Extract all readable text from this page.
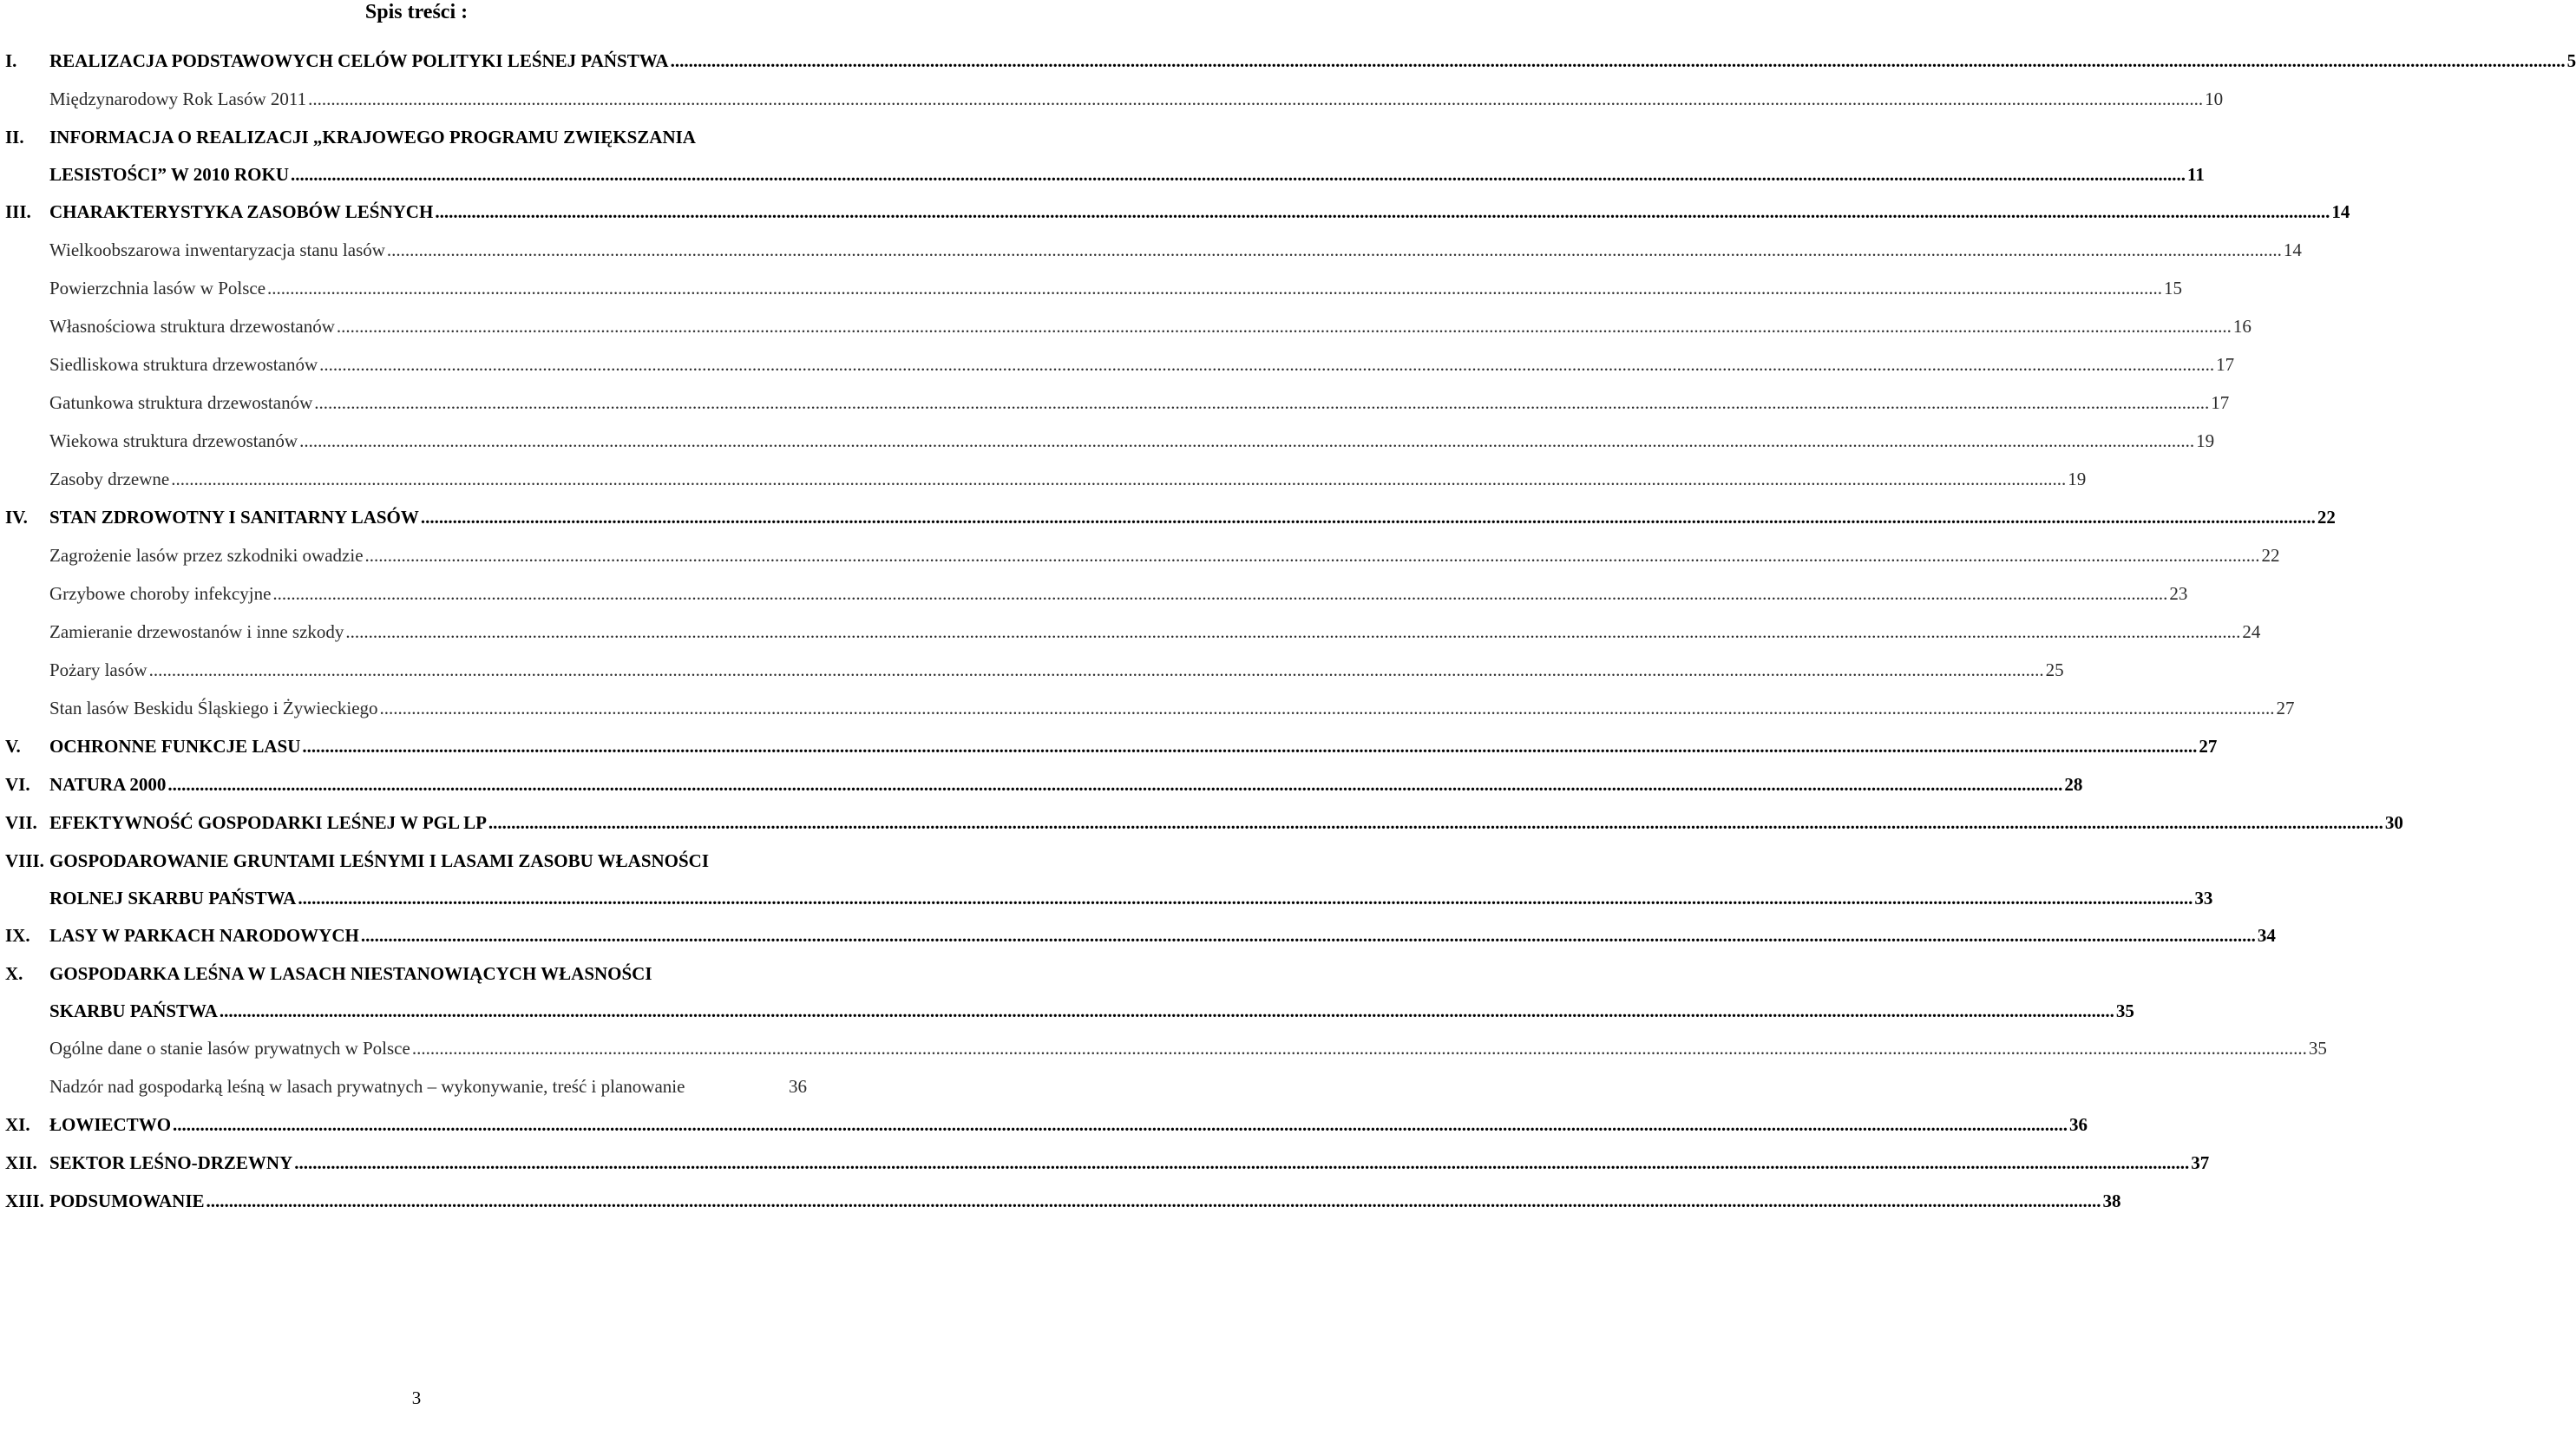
Spis treści :
I.	REALIZACJA PODSTAWOWYCH CELÓW POLITYKI LEŚNEJ PAŃSTWA .....	5
Międzynarodowy Rok Lasów 2011 .....	10
II.	INFORMACJA O REALIZACJI „KRAJOWEGO PROGRAMU ZWIĘKSZANIA
LESISTOŚCI” W 2010 ROKU .....	11
III.	CHARAKTERYSTYKA ZASOBÓW LEŚNYCH .....	14
Wielkoobszarowa inwentaryzacja stanu lasów .....	14
Powierzchnia lasów w Polsce .....	15
Własnościowa struktura drzewostanów .....	16
Siedliskowa struktura drzewostanów .....	17
Gatunkowa struktura drzewostanów .....	17
Wiekowa struktura drzewostanów .....	19
Zasoby drzewne .....	19
IV.	STAN ZDROWOTNY I SANITARNY LASÓW .....	22
Zagrożenie lasów przez szkodniki owadzie .....	22
Grzybowe choroby infekcyjne .....	23
Zamieranie drzewostanów i inne szkody .....	24
Pożary lasów .....	25
Stan lasów Beskidu Śląskiego i Żywieckiego .....	27
V.	OCHRONNE FUNKCJE LASU .....	27
VI.	NATURA 2000 .....	28
VII. EFEKTYWNOŚĆ GOSPODARKI LEŚNEJ W PGL LP .....	30
VIII. GOSPODAROWANIE GRUNTAMI LEŚNYMI I LASAMI ZASOBU WŁASNOŚCI
ROLNEJ SKARBU PAŃSTWA .....	33
IX.	LASY W PARKACH NARODOWYCH .....	34
X.	GOSPODARKA LEŚNA W LASACH NIESTANOWIĄCYCH WŁASNOŚCI
SKARBU PAŃSTWA .....	35
Ogólne dane o stanie lasów prywatnych w Polsce .....	35
Nadzór nad gospodarką leśną w lasach prywatnych – wykonywanie, treść i planowanie	36
XI.	ŁOWIECTWO .....	36
XII. SEKTOR LEŚNO-DRZEWNY .....	37
XIII. PODSUMOWANIE .....	38
3
